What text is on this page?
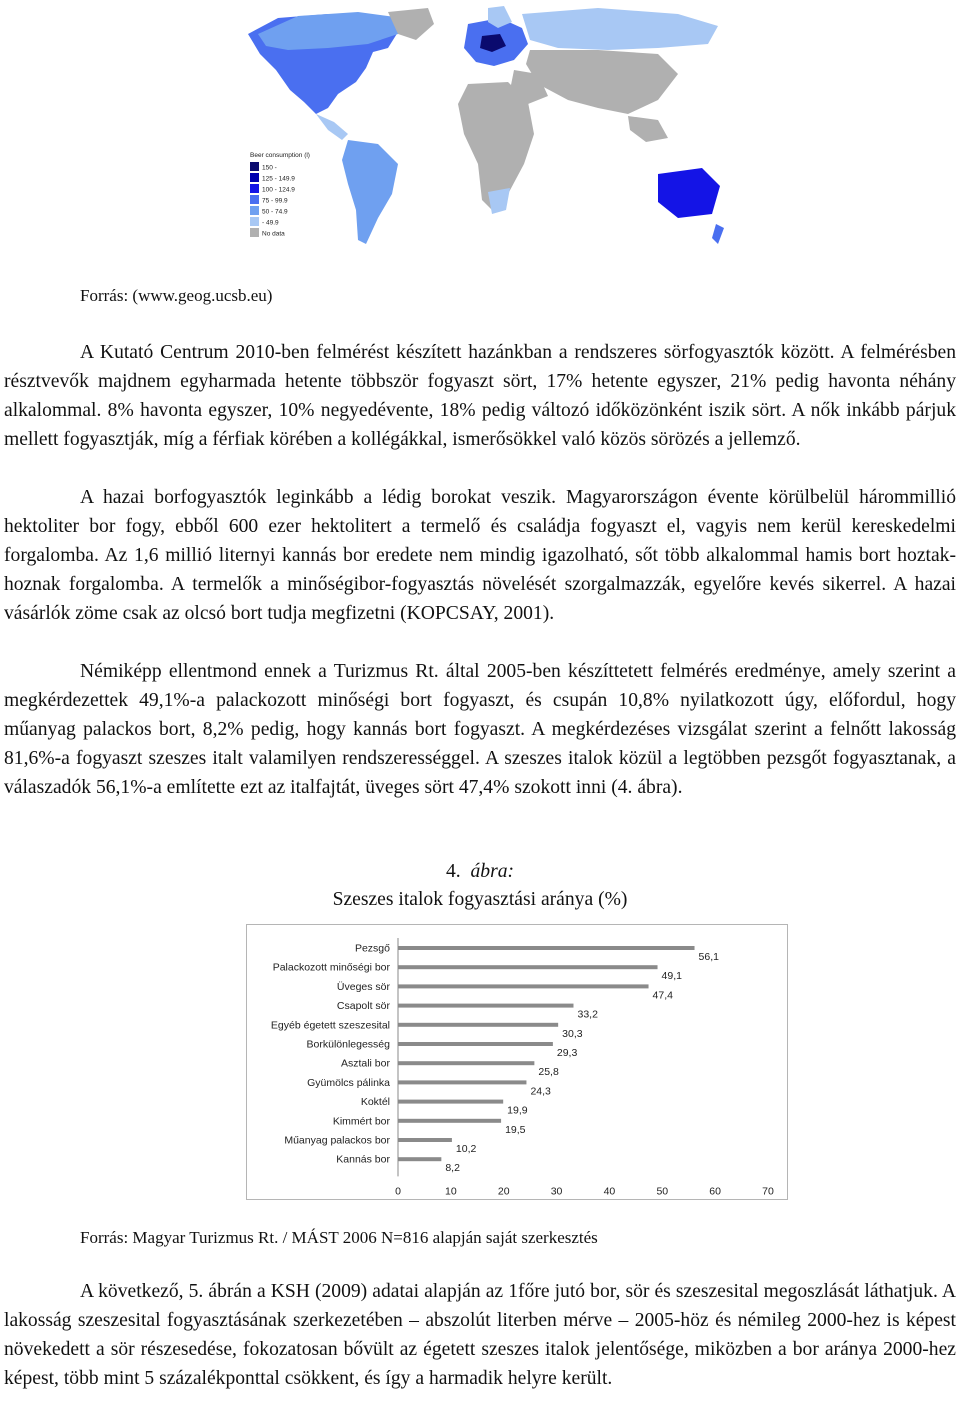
Beer consumption (l)
150 -
125 - 149.9
100 - 124.9
75 - 99.9
50 - 74.9
- 49.9
No data
Forrás: (www.geog.ucsb.eu)

A Kutató Centrum 2010-ben felmérést készített hazánkban a rendszeres sörfogyasztók között. A felmérésben résztvevők majdnem egyharmada hetente többször fogyaszt sört, 17% hetente egyszer, 21% pedig havonta néhány alkalommal. 8% havonta egyszer, 10% negyedévente, 18% pedig változó időközönként iszik sört. A nők inkább párjuk mellett fogyasztják, míg a férfiak körében a kollégákkal, ismerősökkel való közös sörözés a jellemző.

A hazai borfogyasztók leginkább a lédig borokat veszik. Magyarországon évente körülbelül hárommillió hektoliter bor fogy, ebből 600 ezer hektolitert a termelő és családja fogyaszt el, vagyis nem kerül kereskedelmi forgalomba. Az 1,6 millió liternyi kannás bor eredete nem mindig igazolható, sőt több alkalommal hamis bort hoztak-hoznak forgalomba. A termelők a minőségibor-fogyasztás növelését szorgalmazzák, egyelőre kevés sikerrel. A hazai vásárlók zöme csak az olcsó bort tudja megfizetni (KOPCSAY, 2001).

Némiképp ellentmond ennek a Turizmus Rt. által 2005-ben készíttetett felmérés eredménye, amely szerint a megkérdezettek 49,1%-a palackozott minőségi bort fogyaszt, és csupán 10,8% nyilatkozott úgy, előfordul, hogy műanyag palackos bort, 8,2% pedig, hogy kannás bort fogyaszt. A megkérdezéses vizsgálat szerint a felnőtt lakosság 81,6%-a fogyaszt szeszes italt valamilyen rendszerességgel. A szeszes italok közül a legtöbben pezsgőt fogyasztanak, a válaszadók 56,1%-a említette ezt az italfajtát, üveges sört 47,4% szokott inni (4. ábra).

4. ábra:
Szeszes italok fogyasztási aránya (%)
Pezsgő
56,1
Palackozott minőségi bor
49,1
Üveges sör
47,4
Csapolt sör
33,2
Egyéb égetett szeszesital
30,3
Borkülönlegesség
29,3
Asztali bor
25,8
Gyümölcs pálinka
24,3
Koktél
19,9
Kimmért bor
19,5
Műanyag palackos bor
10,2
Kannás bor
8,2
0	10	20	30	40	50	60	70
Forrás: Magyar Turizmus Rt. / MÁST 2006 N=816 alapján saját szerkesztés

A következő, 5. ábrán a KSH (2009) adatai alapján az 1főre jutó bor, sör és szeszesital megoszlását láthatjuk. A lakosság szeszesital fogyasztásának szerkezetében – abszolút literben mérve – 2005-höz és némileg 2000-hez is képest növekedett a sör részesedése, fokozatosan bővült az égetett szeszes italok jelentősége, miközben a bor aránya 2000-hez képest, több mint 5 százalékponttal csökkent, és így a harmadik helyre került.
